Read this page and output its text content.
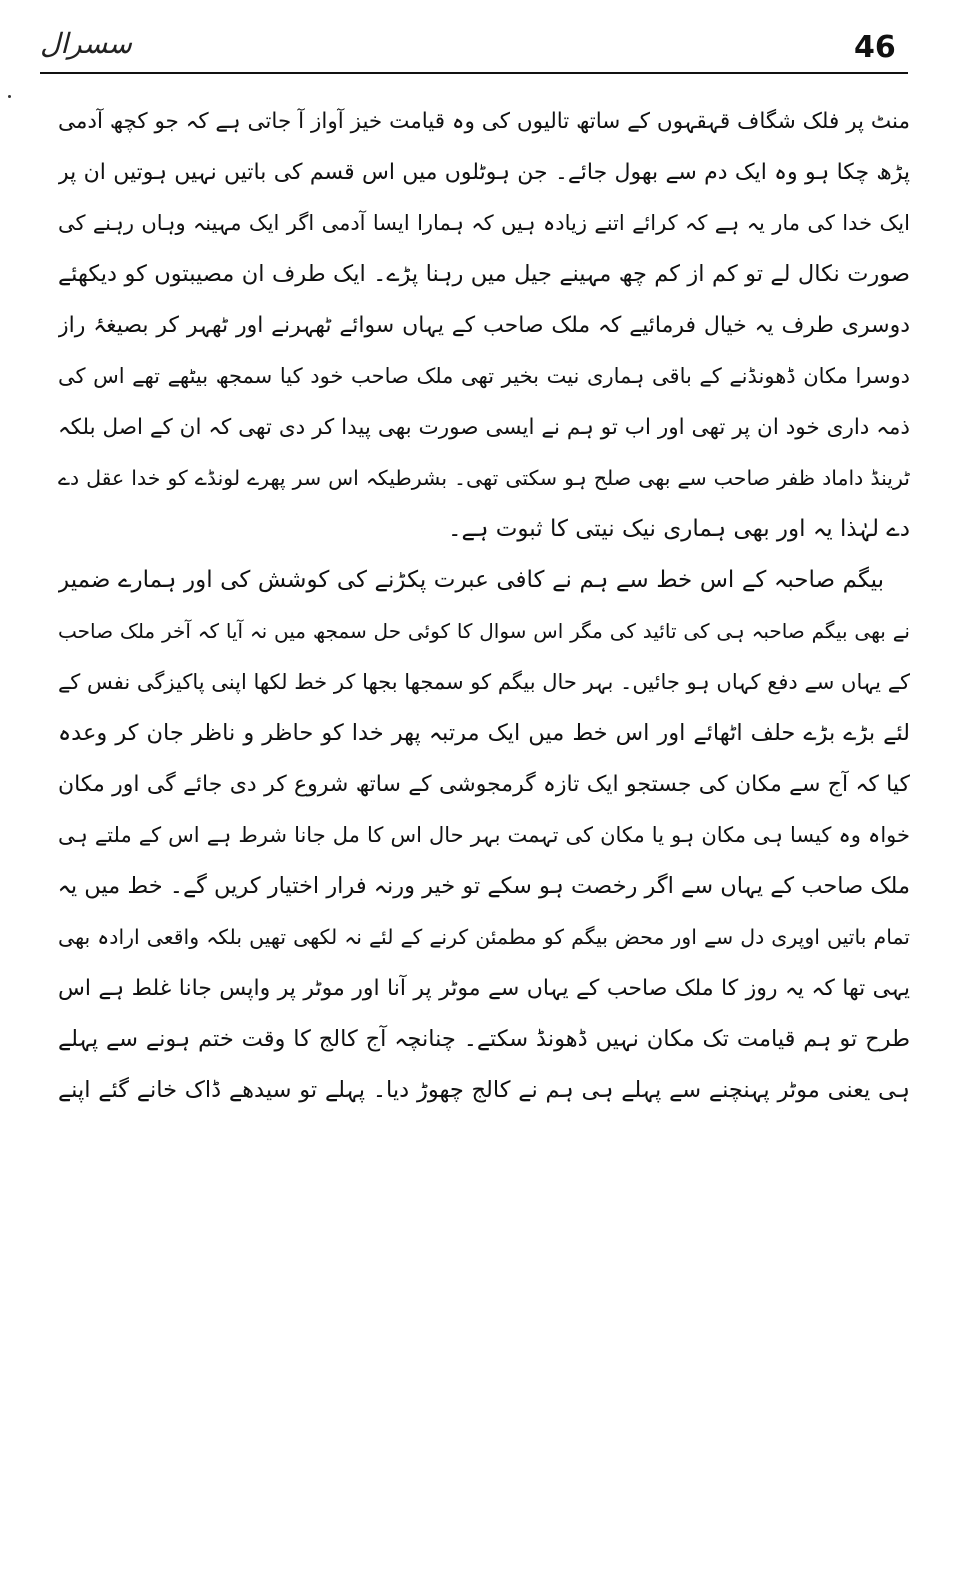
سسرال	46
منٹ پر فلک شگاف قہقہوں کے ساتھ تالیوں کی وہ قیامت خیز آواز آ جاتی ہے کہ جو کچھ آدمی
پڑھ چکا ہو وہ ایک دم سے بھول جائے۔ جن ہوٹلوں میں اس قسم کی باتیں نہیں ہوتیں ان پر
ایک خدا کی مار یہ ہے کہ کرائے اتنے زیادہ ہیں کہ ہمارا ایسا آدمی اگر ایک مہینہ وہاں رہنے کی
صورت نکال لے تو کم از کم چھ مہینے جیل میں رہنا پڑے۔ ایک طرف ان مصیبتوں کو دیکھئے
دوسری طرف یہ خیال فرمائیے کہ ملک صاحب کے یہاں سوائے ٹھہرنے اور ٹھہر کر بصیغۂ راز
دوسرا مکان ڈھونڈنے کے باقی ہماری نیت بخیر تھی ملک صاحب خود کیا سمجھ بیٹھے تھے اس کی
ذمہ داری خود ان پر تھی اور اب تو ہم نے ایسی صورت بھی پیدا کر دی تھی کہ ان کے اصل بلکہ
ٹرینڈ داماد ظفر صاحب سے بھی صلح ہو سکتی تھی۔ بشرطیکہ اس سر پھرے لونڈے کو خدا عقل دے
دے لہٰذا یہ اور بھی ہماری نیک نیتی کا ثبوت ہے۔
بیگم صاحبہ کے اس خط سے ہم نے کافی عبرت پکڑنے کی کوشش کی اور ہمارے ضمیر
نے بھی بیگم صاحبہ ہی کی تائید کی مگر اس سوال کا کوئی حل سمجھ میں نہ آیا کہ آخر ملک صاحب
کے یہاں سے دفع کہاں ہو جائیں۔ بہر حال بیگم کو سمجھا بجھا کر خط لکھا اپنی پاکیزگی نفس کے
لئے بڑے بڑے حلف اٹھائے اور اس خط میں ایک مرتبہ پھر خدا کو حاظر و ناظر جان کر وعدہ
کیا کہ آج سے مکان کی جستجو ایک تازہ گرمجوشی کے ساتھ شروع کر دی جائے گی اور مکان
خواہ وہ کیسا ہی مکان ہو یا مکان کی تہمت بہر حال اس کا مل جانا شرط ہے اس کے ملتے ہی
ملک صاحب کے یہاں سے اگر رخصت ہو سکے تو خیر ورنہ فرار اختیار کریں گے۔ خط میں یہ
تمام باتیں اوپری دل سے اور محض بیگم کو مطمئن کرنے کے لئے نہ لکھی تھیں بلکہ واقعی ارادہ بھی
یہی تھا کہ یہ روز کا ملک صاحب کے یہاں سے موٹر پر آنا اور موٹر پر واپس جانا غلط ہے اس
طرح تو ہم قیامت تک مکان نہیں ڈھونڈ سکتے۔ چنانچہ آج کالج کا وقت ختم ہونے سے پہلے
ہی یعنی موٹر پہنچنے سے پہلے ہی ہم نے کالج چھوڑ دیا۔ پہلے تو سیدھے ڈاک خانے گئے اپنے
